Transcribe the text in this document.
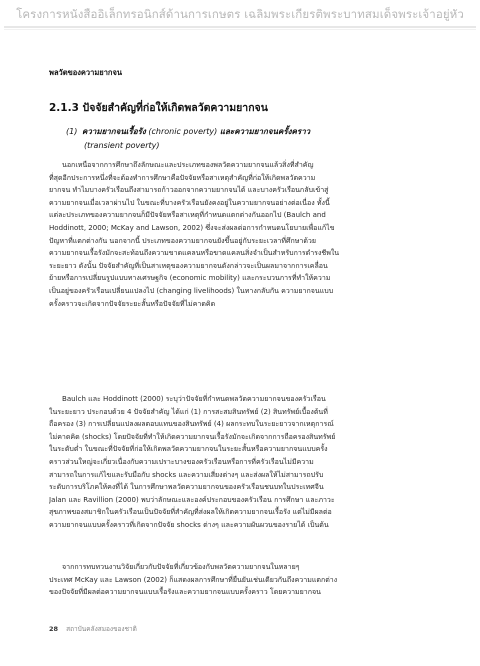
โครงการหนังสืออิเล็กทรอนิกส์ด้านการเกษตร เฉลิมพระเกียรติพระบาทสมเด็จพระเจ้าอยู่หัว
พลวัตของความยากจน
2.1.3 ปัจจัยสำคัญที่ก่อให้เกิดพลวัตความยากจน
(1) ความยากจนเรื้อรัง (chronic poverty) และความยากจนครั้งคราว
(transient poverty)
นอกเหนือจากการศึกษาถึงลักษณะและประเภทของพลวัตความยากจนแล้วสิ่งที่สำคัญ
ที่สุดอีกประการหนึ่งที่จะต้องทำการศึกษาคือปัจจัยหรือสาเหตุสำคัญที่ก่อให้เกิดพลวัตความ
ยากจน ทำไมบางครัวเรือนถึงสามารถก้าวออกจากความยากจนได้ และบางครัวเรือนกลับเข้าสู่
ความยากจนเมื่อเวลาผ่านไป ในขณะที่บางครัวเรือนยังคงอยู่ในความยากจนอย่างต่อเนื่อง ทั้งนี้
แต่ละประเภทของความยากจนก็มีปัจจัยหรือสาเหตุที่กำหนดแตกต่างกันออกไป (Baulch and
Hoddinott, 2000; McKay and Lawson, 2002) ซึ่งจะส่งผลต่อการกำหนดนโยบายเพื่อแก้ไข
ปัญหาที่แตกต่างกัน นอกจากนี้ ประเภทของความยากจนยังขึ้นอยู่กับระยะเวลาที่ศึกษาด้วย
ความยากจนเรื้อรังมักจะสะท้อนถึงความขาดแคลนหรือขาดแคลนสิ่งจำเป็นสำหรับการดำรงชีพใน
ระยะยาว ดังนั้น ปัจจัยสำคัญที่เป็นสาเหตุของความยากจนดังกล่าวจะเป็นผลมาจากการเคลื่อน
ย้ายหรือการเปลี่ยนรูปแบบทางเศรษฐกิจ (economic mobility) และกระบวนการที่ทำให้ความ
เป็นอยู่ของครัวเรือนเปลี่ยนแปลงไป (changing livelihoods) ในทางกลับกัน ความยากจนแบบ
ครั้งคราวจะเกิดจากปัจจัยระยะสั้นหรือปัจจัยที่ไม่คาดคิด
Baulch และ Hoddinott (2000) ระบุว่าปัจจัยที่กำหนดพลวัตความยากจนของครัวเรือน
ในระยะยาว ประกอบด้วย 4 ปัจจัยสำคัญ ได้แก่ (1) การสะสมสินทรัพย์ (2) สินทรัพย์เบื้องต้นที่
ถือครอง (3) การเปลี่ยนแปลงผลตอบแทนของสินทรัพย์ (4) ผลกระทบในระยะยาวจากเหตุการณ์
ไม่คาดคิด (shocks) โดยปัจจัยที่ทำให้เกิดความยากจนเรื้อรังมักจะเกิดจากการถือครองสินทรัพย์
ในระดับต่ำ ในขณะที่ปัจจัยที่ก่อให้เกิดพลวัตความยากจนในระยะสั้นหรือความยากจนแบบครั้ง
คราวส่วนใหญ่จะเกี่ยวเนื่องกับความเปราะบางของครัวเรือนหรือการที่ครัวเรือนไม่มีความ
สามารถในการแก้ไขและรับมือกับ shocks และความเสี่ยงต่างๆ และส่งผลให้ไม่สามารถปรับ
ระดับการบริโภคให้คงที่ได้ ในการศึกษาพลวัตความยากจนของครัวเรือนชนบทในประเทศจีน
Jalan และ Ravillion (2000) พบว่าลักษณะและองค์ประกอบของครัวเรือน การศึกษา และภาวะ
สุขภาพของสมาชิกในครัวเรือนเป็นปัจจัยที่สำคัญที่ส่งผลให้เกิดความยากจนเรื้อรัง แต่ไม่มีผลต่อ
ความยากจนแบบครั้งคราวที่เกิดจากปัจจัย shocks ต่างๆ และความผันผวนของรายได้ เป็นต้น
จากการทบทวนงานวิจัยเกี่ยวกับปัจจัยที่เกี่ยวข้องกับพลวัตความยากจนในหลายๆ
ประเทศ McKay และ Lawson (2002) ก็แสดงผลการศึกษาที่ยืนยันเช่นเดียวกันถึงความแตกต่าง
ของปัจจัยที่มีผลต่อความยากจนแบบเรื้อรังและความยากจนแบบครั้งคราว โดยความยากจน
28 สถาบันคลังสมองของชาติ
